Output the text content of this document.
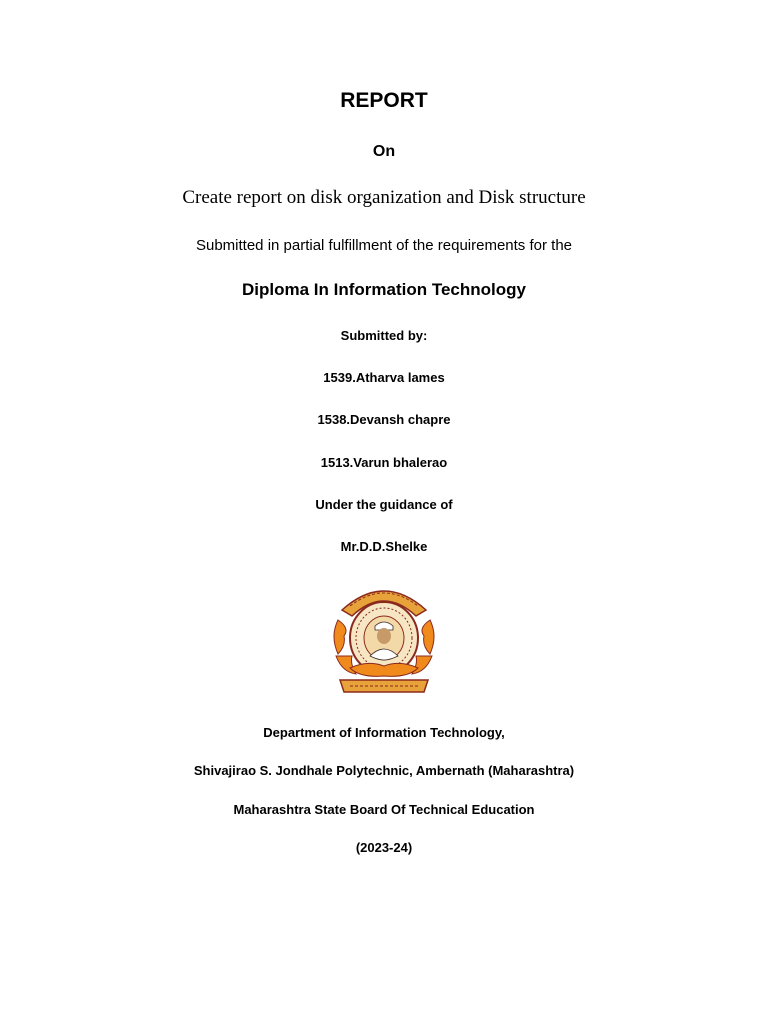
REPORT
On
Create report on disk organization and Disk structure
Submitted in partial fulfillment of the requirements for the
Diploma In Information Technology
Submitted by:
1539.Atharva lames
1538.Devansh chapre
1513.Varun bhalerao
Under the guidance of
Mr.D.D.Shelke
Department of Information Technology,
Shivajirao S. Jondhale Polytechnic, Ambernath (Maharashtra)
Maharashtra State Board Of Technical Education
(2023-24)
